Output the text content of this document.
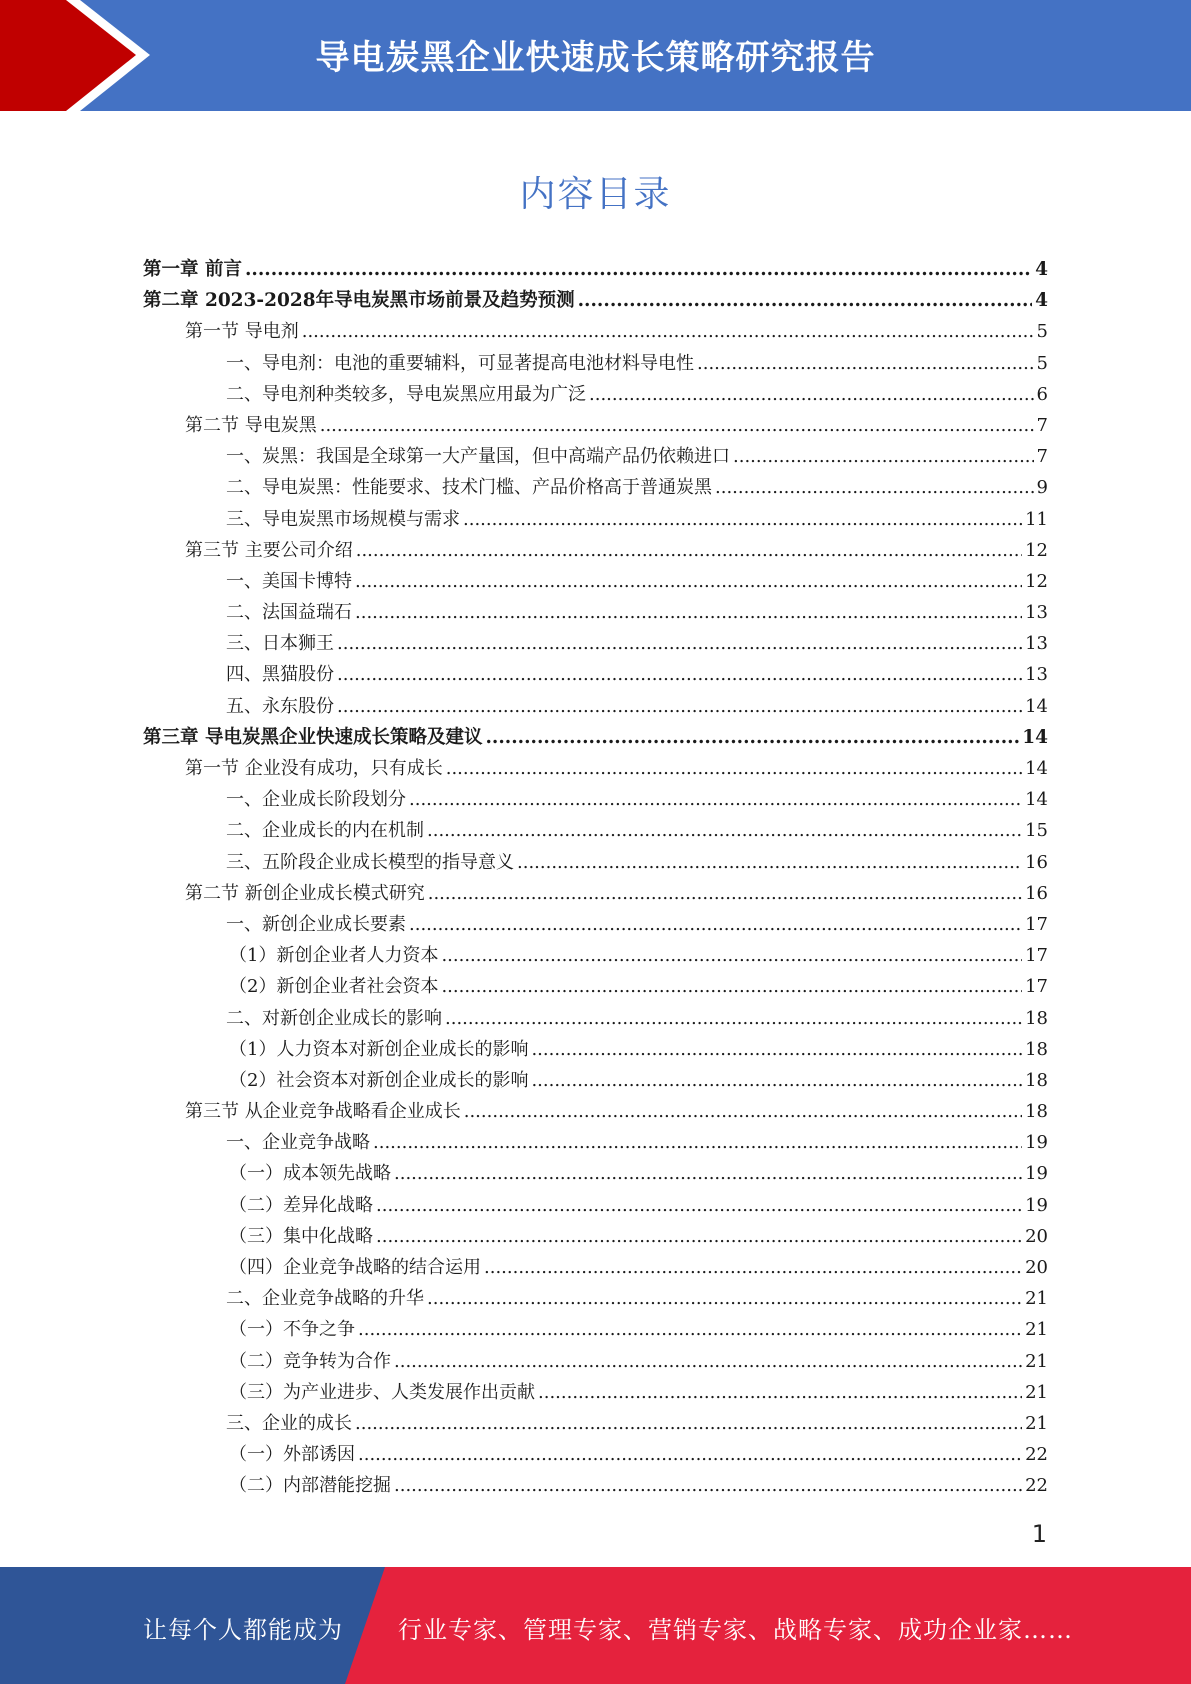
导电炭黑企业快速成长策略研究报告
内容目录
第一章 前言 .....	4
第二章 2023-2028年导电炭黑市场前景及趋势预测 .....	4
第一节 导电剂 .....	5
一、导电剂：电池的重要辅料，可显著提高电池材料导电性 .....	5
二、导电剂种类较多，导电炭黑应用最为广泛 .....	6
第二节 导电炭黑 .....	7
一、炭黑：我国是全球第一大产量国，但中高端产品仍依赖进口 .....	7
二、导电炭黑：性能要求、技术门槛、产品价格高于普通炭黑 .....	9
三、导电炭黑市场规模与需求 .....	11
第三节 主要公司介绍 .....	12
一、美国卡博特 .....	12
二、法国益瑞石 .....	13
三、日本狮王 .....	13
四、黑猫股份 .....	13
五、永东股份 .....	14
第三章 导电炭黑企业快速成长策略及建议 .....	14
第一节 企业没有成功，只有成长 .....	14
一、企业成长阶段划分 .....	14
二、企业成长的内在机制 .....	15
三、五阶段企业成长模型的指导意义 .....	16
第二节 新创企业成长模式研究 .....	16
一、新创企业成长要素 .....	17
（1）新创企业者人力资本 .....	17
（2）新创企业者社会资本 .....	17
二、对新创企业成长的影响 .....	18
（1）人力资本对新创企业成长的影响 .....	18
（2）社会资本对新创企业成长的影响 .....	18
第三节 从企业竞争战略看企业成长 .....	18
一、企业竞争战略 .....	19
（一）成本领先战略 .....	19
（二）差异化战略 .....	19
（三）集中化战略 .....	20
（四）企业竞争战略的结合运用 .....	20
二、企业竞争战略的升华 .....	21
（一）不争之争 .....	21
（二）竞争转为合作 .....	21
（三）为产业进步、人类发展作出贡献 .....	21
三、企业的成长 .....	21
（一）外部诱因 .....	22
（二）内部潜能挖掘 .....	22
1
让每个人都能成为 行业专家、管理专家、营销专家、战略专家、成功企业家……
